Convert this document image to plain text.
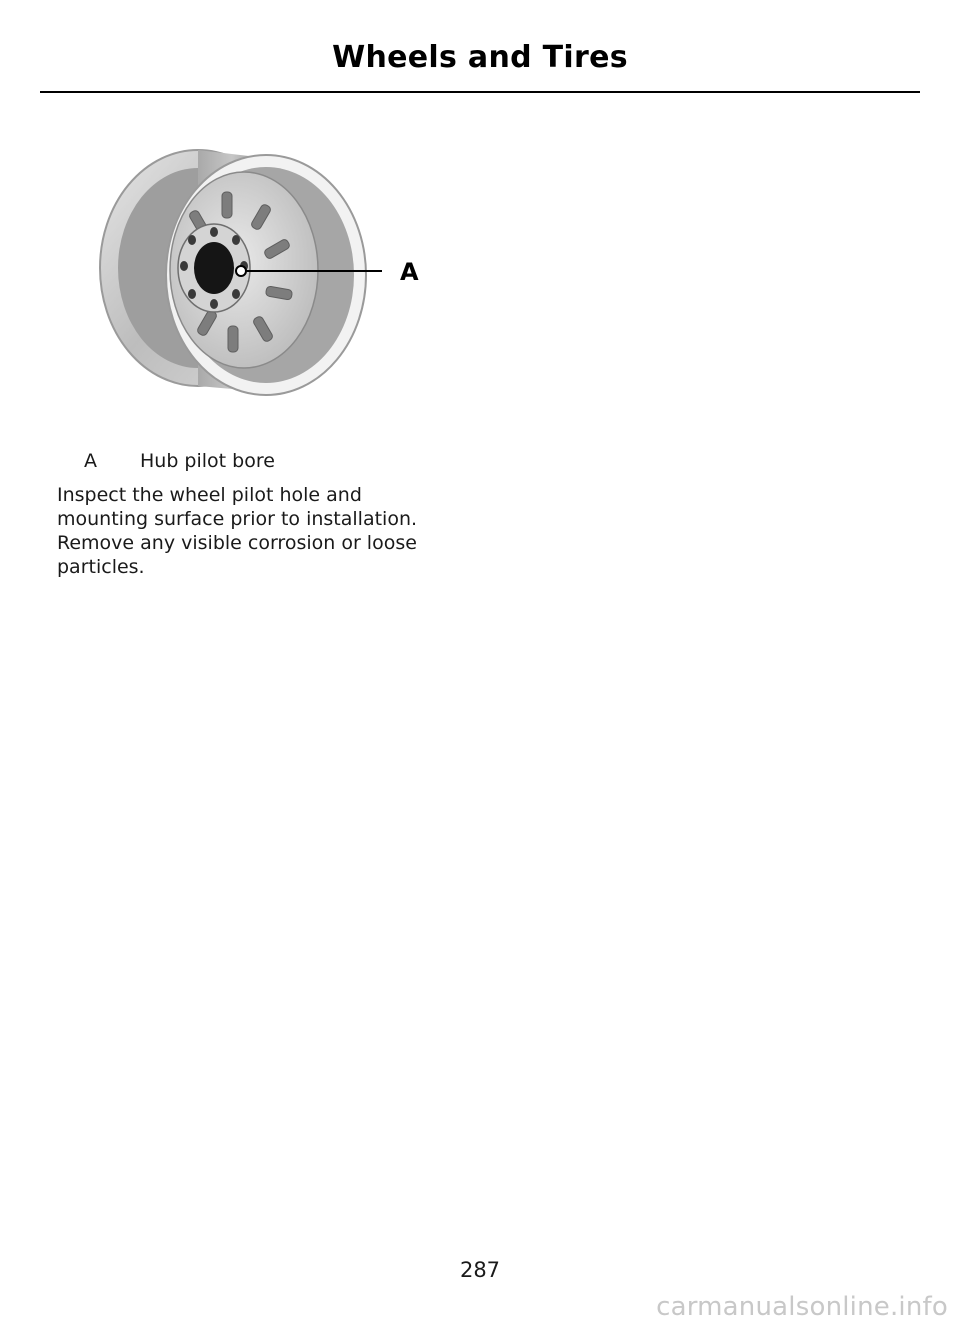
Wheels and Tires
A
A	Hub pilot bore

Inspect the wheel pilot hole and mounting surface prior to installation. Remove any visible corrosion or loose particles.

287
carmanualsonline.info
